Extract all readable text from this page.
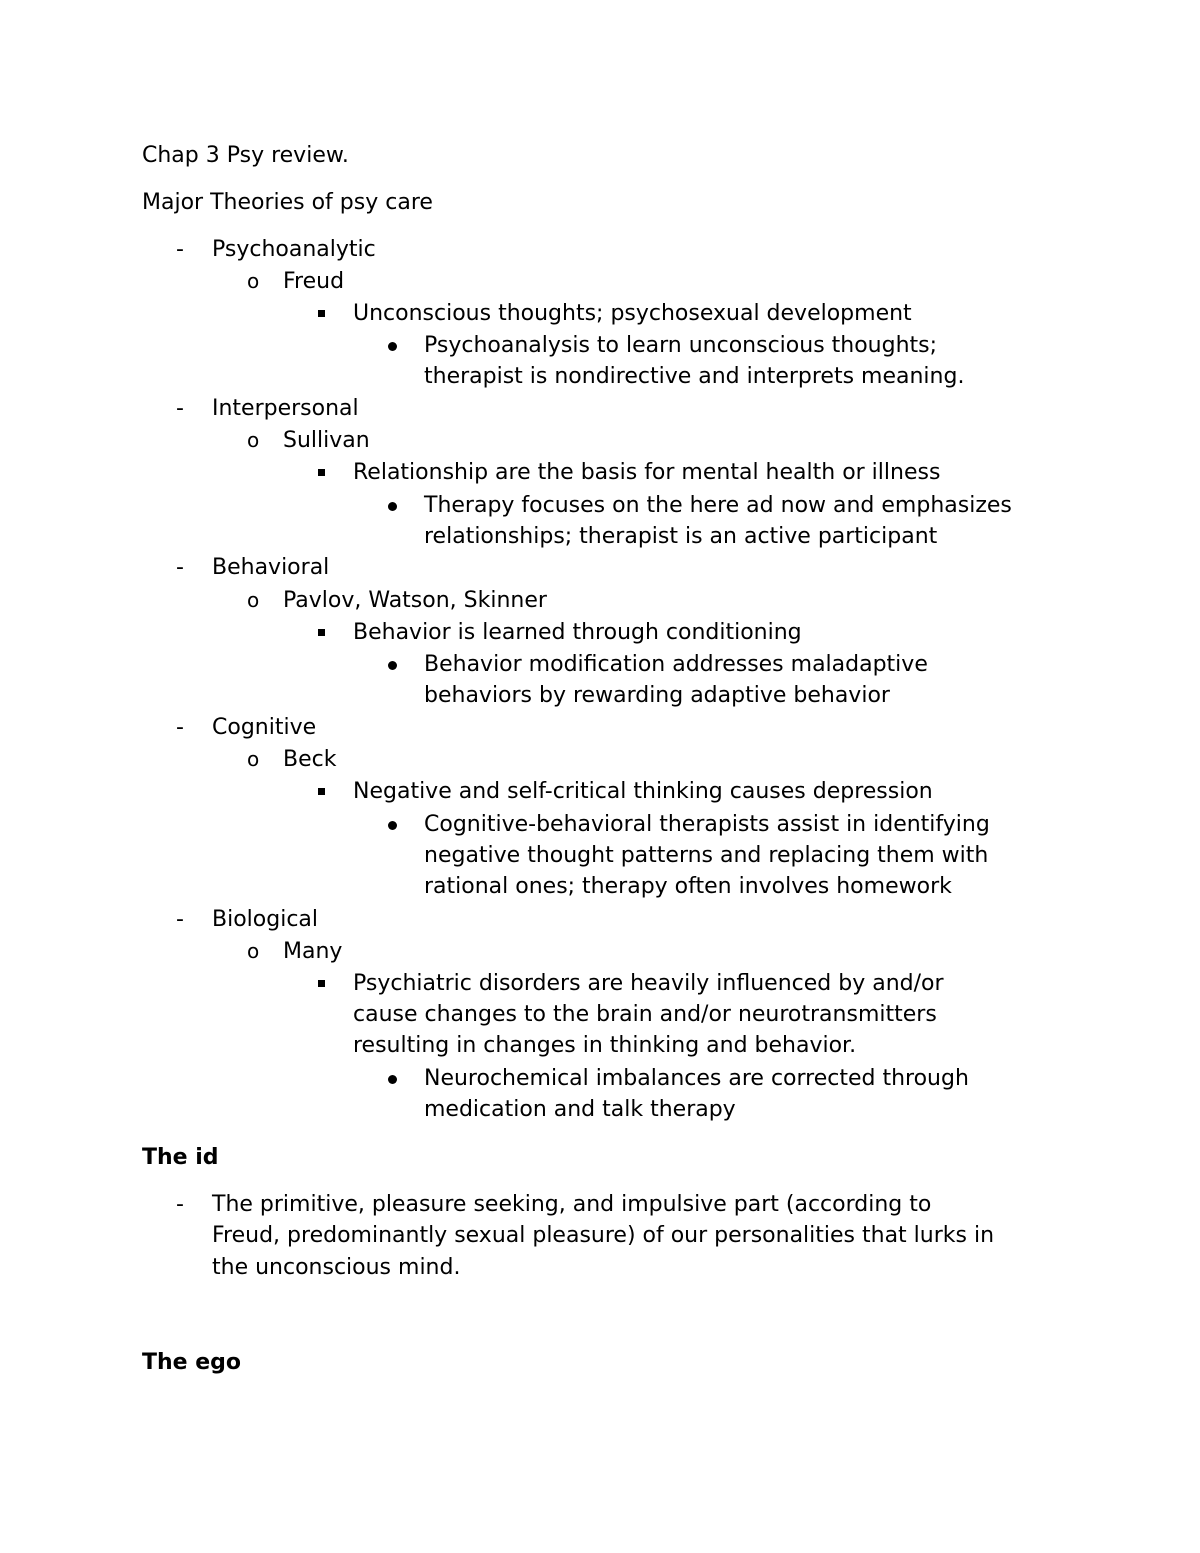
Chap 3 Psy review.
Major Theories of psy care
- Psychoanalytic
o Freud
Unconscious thoughts; psychosexual development
Psychoanalysis to learn unconscious thoughts;
therapist is nondirective and interprets meaning.
- Interpersonal
o Sullivan
Relationship are the basis for mental health or illness
Therapy focuses on the here ad now and emphasizes
relationships; therapist is an active participant
- Behavioral
o Pavlov, Watson, Skinner
Behavior is learned through conditioning
Behavior modification addresses maladaptive
behaviors by rewarding adaptive behavior
- Cognitive
o Beck
Negative and self-critical thinking causes depression
Cognitive-behavioral therapists assist in identifying
negative thought patterns and replacing them with
rational ones; therapy often involves homework
- Biological
o Many
Psychiatric disorders are heavily influenced by and/or
cause changes to the brain and/or neurotransmitters
resulting in changes in thinking and behavior.
Neurochemical imbalances are corrected through
medication and talk therapy
The id
- The primitive, pleasure seeking, and impulsive part (according to
Freud, predominantly sexual pleasure) of our personalities that lurks in
the unconscious mind.
The ego
